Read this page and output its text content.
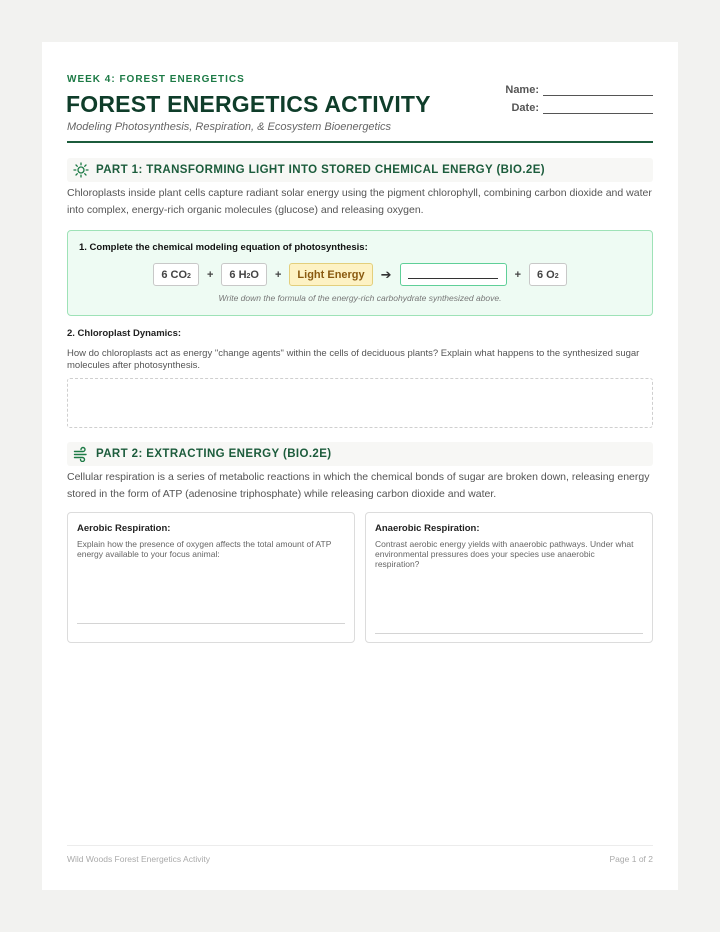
WEEK 4: FOREST ENERGETICS
FOREST ENERGETICS ACTIVITY
Modeling Photosynthesis, Respiration, & Ecosystem Bioenergetics
Name:
Date:
PART 1: TRANSFORMING LIGHT INTO STORED CHEMICAL ENERGY (BIO.2E)
Chloroplasts inside plant cells capture radiant solar energy using the pigment chlorophyll, combining carbon dioxide and water into complex, energy-rich organic molecules (glucose) and releasing oxygen.
1. Complete the chemical modeling equation of photosynthesis:
6 $CO_2 + 6$ $H_2$ O +	Light Energy	➔	+ 6 $O_2$
Write down the formula of the energy-rich carbohydrate synthesized above.
2. Chloroplast Dynamics:
How do chloroplasts act as energy "change agents" within the cells of deciduous plants? Explain what happens to the synthesized sugar molecules after photosynthesis.
PART 2: EXTRACTING ENERGY (BIO.2E)
Cellular respiration is a series of metabolic reactions in which the chemical bonds of sugar are broken down, releasing energy stored in the form of ATP (adenosine triphosphate) while releasing carbon dioxide and water.
Aerobic Respiration:

Explain how the presence of oxygen affects the total amount of ATP energy available to your focus animal:

Anaerobic Respiration:

Contrast aerobic energy yields with anaerobic pathways. Under what environmental pressures does your species use anaerobic respiration?

Wild Woods Forest Energetics Activity	Page 1 of 2
